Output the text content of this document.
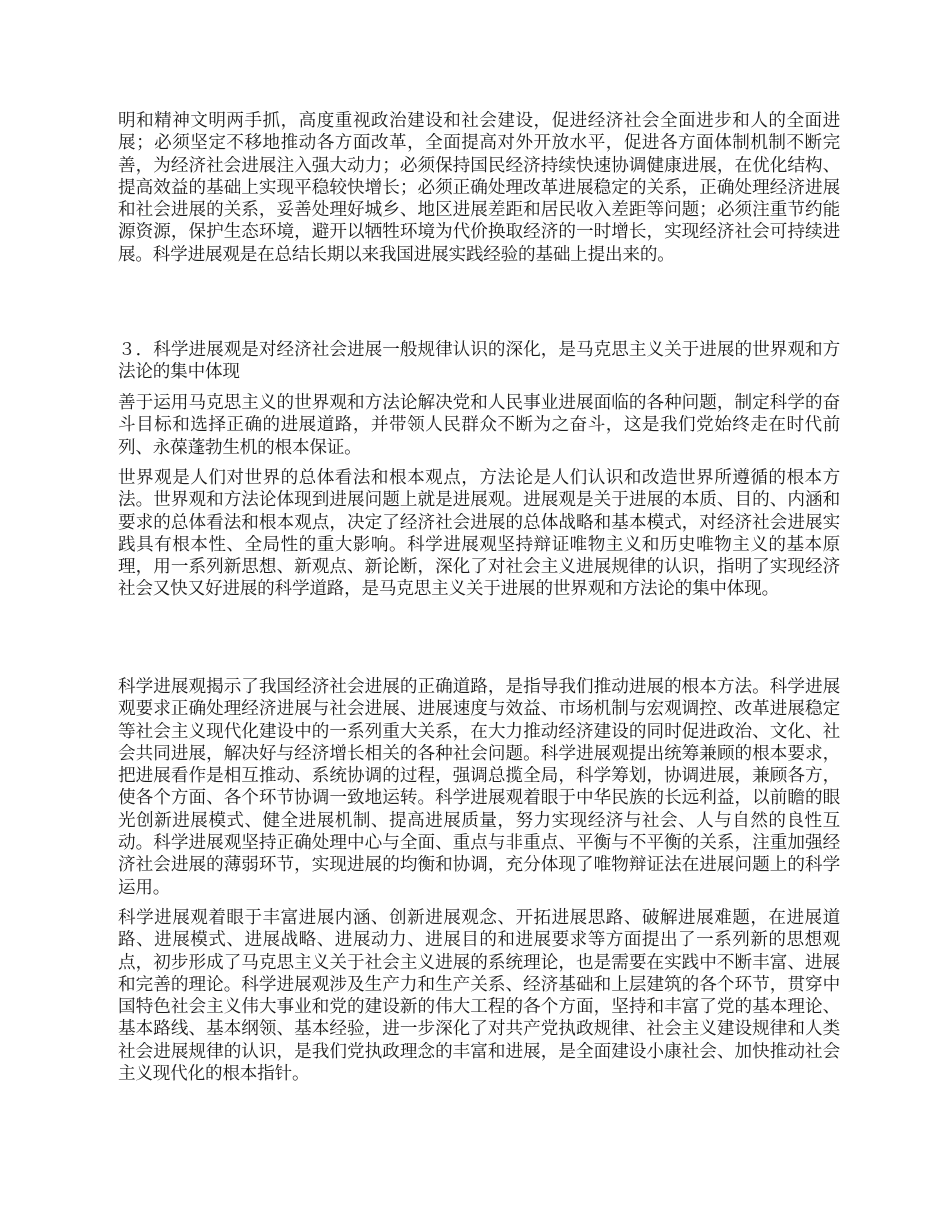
明和精神文明两手抓，高度重视政治建设和社会建设，促进经济社会全面进步和人的全面进展；必须坚定不移地推动各方面改革，全面提高对外开放水平，促进各方面体制机制不断完善，为经济社会进展注入强大动力；必须保持国民经济持续快速协调健康进展，在优化结构、提高效益的基础上实现平稳较快增长；必须正确处理改革进展稳定的关系，正确处理经济进展和社会进展的关系，妥善处理好城乡、地区进展差距和居民收入差距等问题；必须注重节约能源资源，保护生态环境，避开以牺牲环境为代价换取经济的一时增长，实现经济社会可持续进展。科学进展观是在总结长期以来我国进展实践经验的基础上提出来的。

３．科学进展观是对经济社会进展一般规律认识的深化，是马克思主义关于进展的世界观和方法论的集中体现

善于运用马克思主义的世界观和方法论解决党和人民事业进展面临的各种问题，制定科学的奋斗目标和选择正确的进展道路，并带领人民群众不断为之奋斗，这是我们党始终走在时代前列、永葆蓬勃生机的根本保证。

世界观是人们对世界的总体看法和根本观点，方法论是人们认识和改造世界所遵循的根本方法。世界观和方法论体现到进展问题上就是进展观。进展观是关于进展的本质、目的、内涵和要求的总体看法和根本观点，决定了经济社会进展的总体战略和基本模式，对经济社会进展实践具有根本性、全局性的重大影响。科学进展观坚持辩证唯物主义和历史唯物主义的基本原理，用一系列新思想、新观点、新论断，深化了对社会主义进展规律的认识，指明了实现经济社会又快又好进展的科学道路，是马克思主义关于进展的世界观和方法论的集中体现。

科学进展观揭示了我国经济社会进展的正确道路，是指导我们推动进展的根本方法。科学进展观要求正确处理经济进展与社会进展、进展速度与效益、市场机制与宏观调控、改革进展稳定等社会主义现代化建设中的一系列重大关系，在大力推动经济建设的同时促进政治、文化、社会共同进展，解决好与经济增长相关的各种社会问题。科学进展观提出统筹兼顾的根本要求，把进展看作是相互推动、系统协调的过程，强调总揽全局，科学筹划，协调进展，兼顾各方，使各个方面、各个环节协调一致地运转。科学进展观着眼于中华民族的长远利益，以前瞻的眼光创新进展模式、健全进展机制、提高进展质量，努力实现经济与社会、人与自然的良性互动。科学进展观坚持正确处理中心与全面、重点与非重点、平衡与不平衡的关系，注重加强经济社会进展的薄弱环节，实现进展的均衡和协调，充分体现了唯物辩证法在进展问题上的科学运用。

科学进展观着眼于丰富进展内涵、创新进展观念、开拓进展思路、破解进展难题，在进展道路、进展模式、进展战略、进展动力、进展目的和进展要求等方面提出了一系列新的思想观点，初步形成了马克思主义关于社会主义进展的系统理论，也是需要在实践中不断丰富、进展和完善的理论。科学进展观涉及生产力和生产关系、经济基础和上层建筑的各个环节，贯穿中国特色社会主义伟大事业和党的建设新的伟大工程的各个方面，坚持和丰富了党的基本理论、基本路线、基本纲领、基本经验，进一步深化了对共产党执政规律、社会主义建设规律和人类社会进展规律的认识，是我们党执政理念的丰富和进展，是全面建设小康社会、加快推动社会主义现代化的根本指针。
